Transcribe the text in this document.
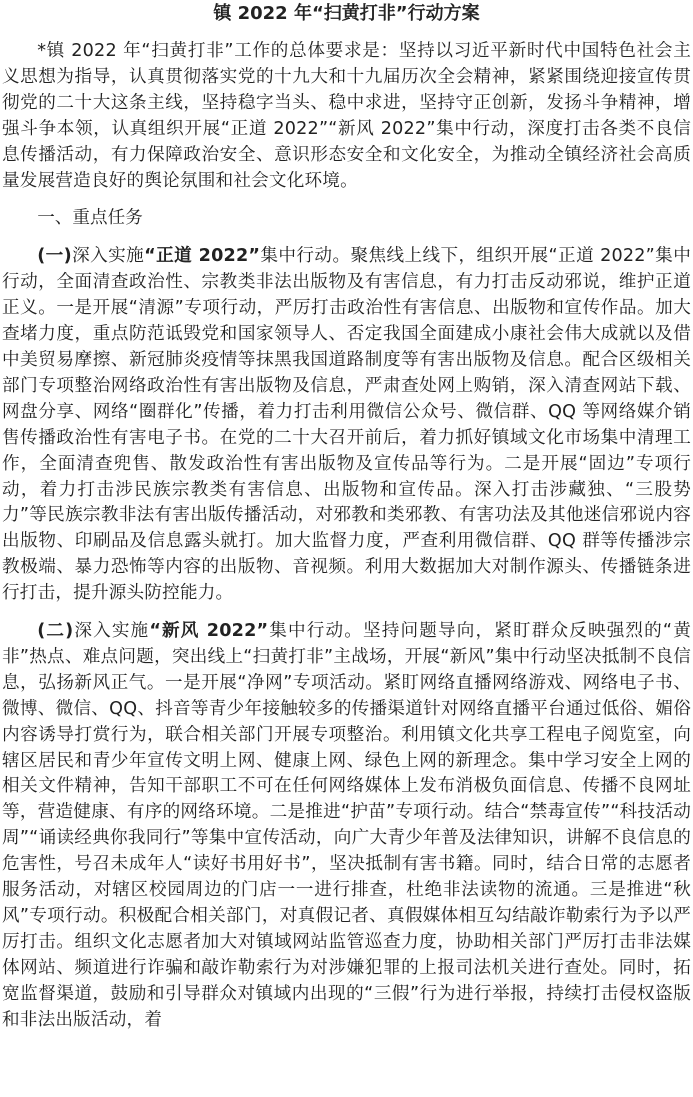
镇 2022 年“扫黄打非”行动方案

*镇 2022 年“扫黄打非”工作的总体要求是：坚持以习近平新时代中国特色社会主义思想为指导，认真贯彻落实党的十九大和十九届历次全会精神，紧紧围绕迎接宣传贯彻党的二十大这条主线，坚持稳字当头、稳中求进，坚持守正创新，发扬斗争精神，增强斗争本领，认真组织开展“正道 2022”“新风 2022”集中行动，深度打击各类不良信息传播活动，有力保障政治安全、意识形态安全和文化安全，为推动全镇经济社会高质量发展营造良好的舆论氛围和社会文化环境。

一、重点任务

(一)深入实施“正道 2022”集中行动。聚焦线上线下，组织开展“正道 2022”集中行动，全面清查政治性、宗教类非法出版物及有害信息，有力打击反动邪说，维护正道正义。一是开展“清源”专项行动，严厉打击政治性有害信息、出版物和宣传作品。加大查堵力度，重点防范诋毁党和国家领导人、否定我国全面建成小康社会伟大成就以及借中美贸易摩擦、新冠肺炎疫情等抹黑我国道路制度等有害出版物及信息。配合区级相关部门专项整治网络政治性有害出版物及信息，严肃查处网上购销，深入清查网站下载、网盘分享、网络“圈群化”传播，着力打击利用微信公众号、微信群、QQ 等网络媒介销售传播政治性有害电子书。在党的二十大召开前后，着力抓好镇域文化市场集中清理工作，全面清查兜售、散发政治性有害出版物及宣传品等行为。二是开展“固边”专项行动，着力打击涉民族宗教类有害信息、出版物和宣传品。深入打击涉藏独、“三股势力”等民族宗教非法有害出版传播活动，对邪教和类邪教、有害功法及其他迷信邪说内容出版物、印刷品及信息露头就打。加大监督力度，严查利用微信群、QQ 群等传播涉宗教极端、暴力恐怖等内容的出版物、音视频。利用大数据加大对制作源头、传播链条进行打击，提升源头防控能力。

(二)深入实施“新风 2022”集中行动。坚持问题导向，紧盯群众反映强烈的“黄非”热点、难点问题，突出线上“扫黄打非”主战场，开展“新风”集中行动坚决抵制不良信息，弘扬新风正气。一是开展“净网”专项活动。紧盯网络直播网络游戏、网络电子书、微博、微信、QQ、抖音等青少年接触较多的传播渠道针对网络直播平台通过低俗、媚俗内容诱导打赏行为，联合相关部门开展专项整治。利用镇文化共享工程电子阅览室，向辖区居民和青少年宣传文明上网、健康上网、绿色上网的新理念。集中学习安全上网的相关文件精神，告知干部职工不可在任何网络媒体上发布消极负面信息、传播不良网址等，营造健康、有序的网络环境。二是推进“护苗”专项行动。结合“禁毒宣传”“科技活动周”“诵读经典你我同行”等集中宣传活动，向广大青少年普及法律知识，讲解不良信息的危害性，号召未成年人“读好书用好书”，坚决抵制有害书籍。同时，结合日常的志愿者服务活动，对辖区校园周边的门店一一进行排查，杜绝非法读物的流通。三是推进“秋风”专项行动。积极配合相关部门，对真假记者、真假媒体相互勾结敲诈勒索行为予以严厉打击。组织文化志愿者加大对镇域网站监管巡查力度，协助相关部门严厉打击非法媒体网站、频道进行诈骗和敲诈勒索行为对涉嫌犯罪的上报司法机关进行查处。同时，拓宽监督渠道，鼓励和引导群众对镇域内出现的“三假”行为进行举报，持续打击侵权盗版和非法出版活动，着
